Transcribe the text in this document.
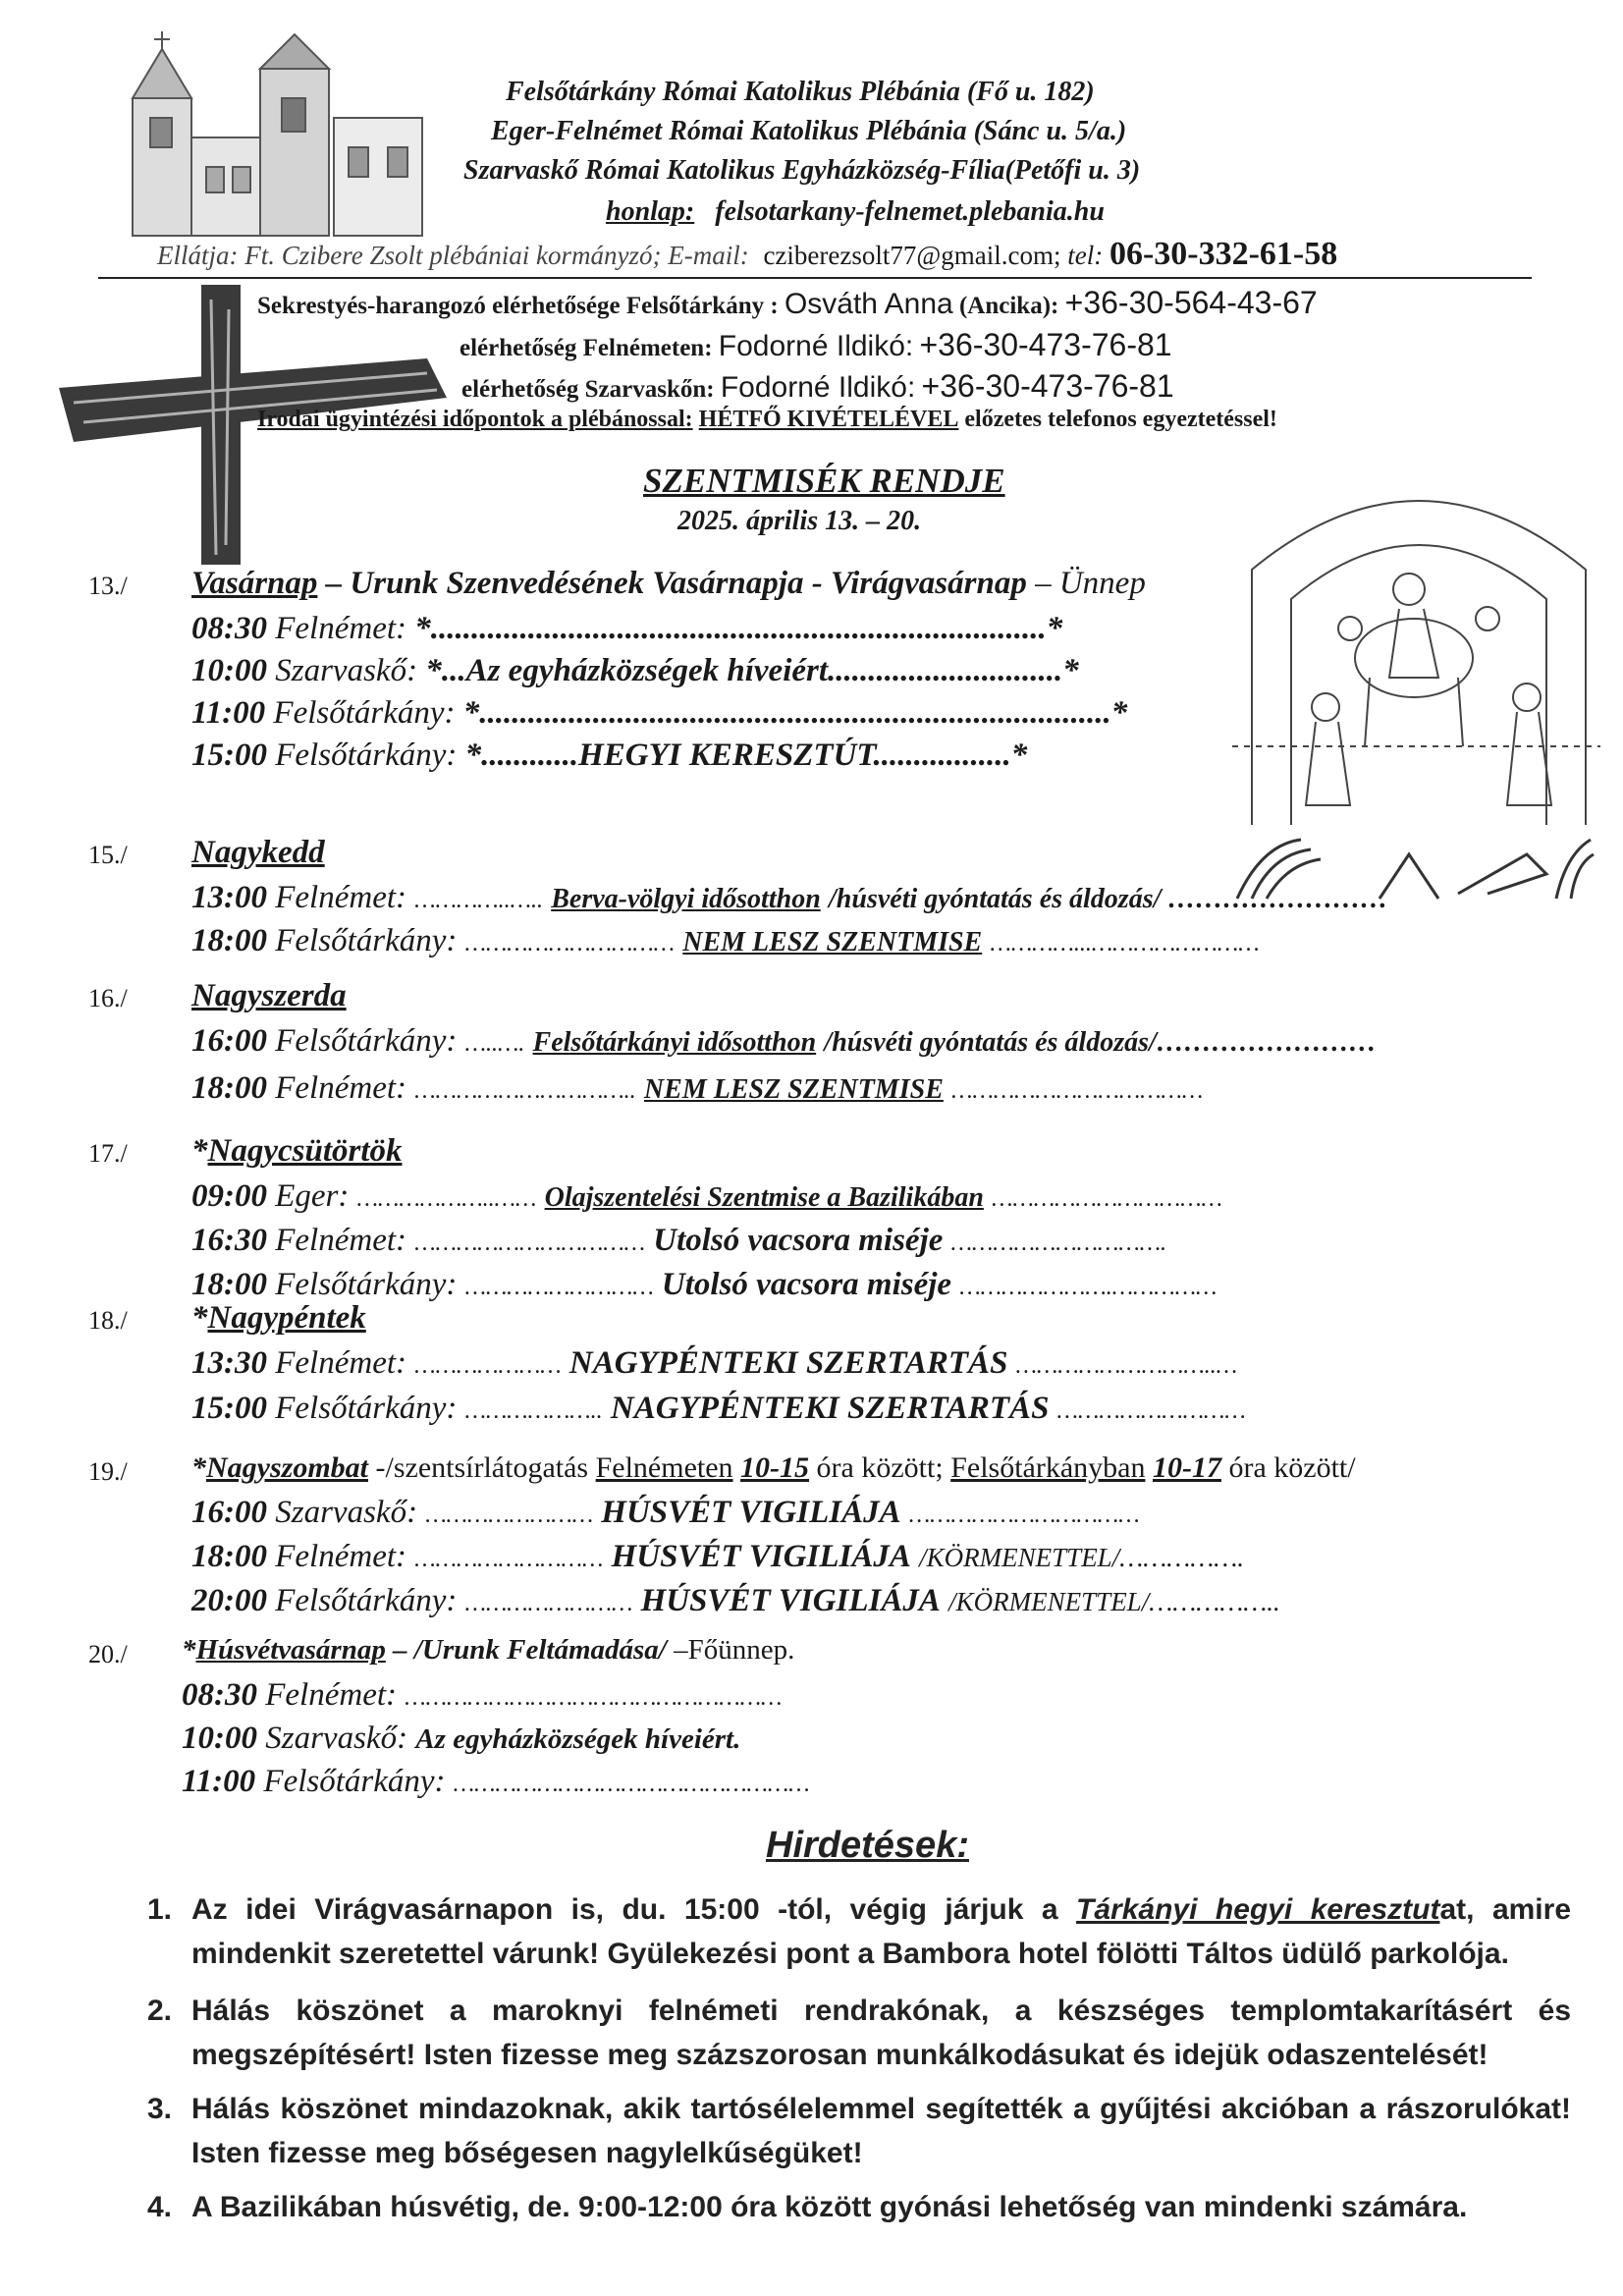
Felsőtárkány Római Katolikus Plébánia (Fő u. 182)
Eger-Felnémet Római Katolikus Plébánia (Sánc u. 5/a.)
Szarvaskő Római Katolikus Egyházközség-Fília(Petőfi u. 3)
honlap: felsotarkany-felnemet.plebania.hu
Ellátja: Ft. Czibere Zsolt plébániai kormányzó; E-mail: cziberezsolt77@gmail.com; tel: 06-30-332-61-58
Sekrestyés-harangozó elérhetősége Felsőtárkány : Osváth Anna (Ancika): +36-30-564-43-67
elérhetőség Felnémeten: Fodorné Ildikó: +36-30-473-76-81
elérhetőség Szarvaskőn: Fodorné Ildikó: +36-30-473-76-81
Irodai ügyintézési időpontok a plébánossal: HÉTFŐ KIVÉTELÉVEL előzetes telefonos egyeztetéssel!
SZENTMISÉK RENDJE
2025. április 13. – 20.
13./ Vasárnap – Urunk Szenvedésének Vasárnapja - Virágvasárnap – Ünnep
08:30 Felnémet: *............................................................................*
10:00 Szarvaskő: *...Az egyházközségek híveiért.............................*
11:00 Felsőtárkány: *..............................................................................*
15:00 Felsőtárkány: *............HEGYI KERESZTÚT.................*
15./ Nagykedd
13:00 Felnémet: …………..….. Berva-völgyi idősotthon /húsvéti gyóntatás és áldozás/ ……………………
18:00 Felsőtárkány: ………………………… NEM LESZ SZENTMISE …………...……………………
16./ Nagyszerda
16:00 Felsőtárkány: …..…. Felsőtárkányi idősotthon /húsvéti gyóntatás és áldozás/……………………
18:00 Felnémet: ………………………….. NEM LESZ SZENTMISE ………………………………
17./ *Nagycsütörtök
09:00 Eger: ………………..…… Olajszentelési Szentmise a Bazilikában ……………………………
16:30 Felnémet: …………………………… Utolsó vacsora miséje ………………………….
18:00 Felsőtárkány: ……………………… Utolsó vacsora miséje ………………….……………
18./ *Nagypéntek
13:30 Felnémet: ………………… NAGYPÉNTEKI SZERTARTÁS ………………………..…
15:00 Felsőtárkány: ……………….. NAGYPÉNTEKI SZERTARTÁS ………………………
19./ *Nagyszombat -/szentsírlátogatás Felnémeten 10-15 óra között; Felsőtárkányban 10-17 óra között/
16:00 Szarvaskő: …………………… HÚSVÉT VIGILIÁJA ……………………………
18:00 Felnémet: ……………………… HÚSVÉT VIGILIÁJA /KÖRMENETTEL/…………….
20:00 Felsőtárkány: …………………… HÚSVÉT VIGILIÁJA /KÖRMENETTEL/……………..
20./ *Húsvétvasárnap – /Urunk Feltámadása/ –Főünnep.
08:30 Felnémet: ………………………………………………
10:00 Szarvaskő: Az egyházközségek híveiért.
11:00 Felsőtárkány: ……………………………………………
Hirdetések:
1. Az idei Virágvasárnapon is, du. 15:00 -tól, végig járjuk a Tárkányi hegyi keresztutat, amire mindenkit szeretettel várunk! Gyülekezési pont a Bambora hotel fölötti Táltos üdülő parkolója.
2. Hálás köszönet a maroknyi felnémeti rendrakónak, a készséges templomtakarításért és megszépítésért! Isten fizesse meg százszorosan munkálkodásukat és idejük odaszentelését!
3. Hálás köszönet mindazoknak, akik tartósélelemmel segítették a gyűjtési akcióban a rászorulókat! Isten fizesse meg bőségesen nagylelkűségüket!
4. A Bazilikában húsvétig, de. 9:00-12:00 óra között gyónási lehetőség van mindenki számára.
